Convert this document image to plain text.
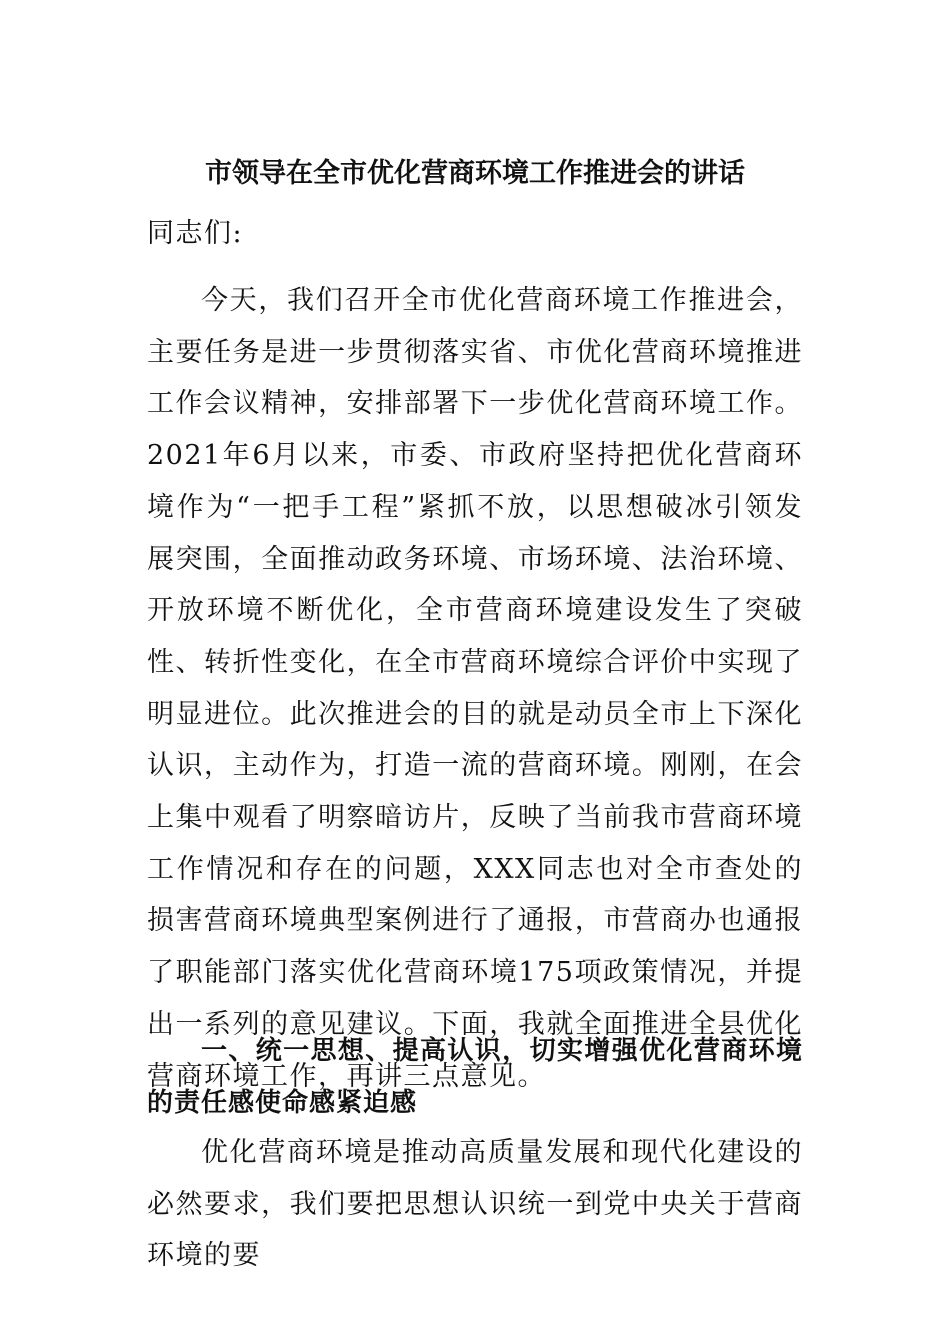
市领导在全市优化营商环境工作推进会的讲话

同志们:

今天，我们召开全市优化营商环境工作推进会，主要任务是进一步贯彻落实省、市优化营商环境推进工作会议精神，安排部署下一步优化营商环境工作。2021年6月以来，市委、市政府坚持把优化营商环境作为“一把手工程”紧抓不放，以思想破冰引领发展突围，全面推动政务环境、市场环境、法治环境、开放环境不断优化，全市营商环境建设发生了突破性、转折性变化，在全市营商环境综合评价中实现了明显进位。此次推进会的目的就是动员全市上下深化认识，主动作为，打造一流的营商环境。刚刚，在会上集中观看了明察暗访片，反映了当前我市营商环境工作情况和存在的问题，XXX同志也对全市查处的损害营商环境典型案例进行了通报，市营商办也通报了职能部门落实优化营商环境175项政策情况，并提出一系列的意见建议。下面，我就全面推进全县优化营商环境工作，再讲三点意见。

一、统一思想、提高认识，切实增强优化营商环境的责任感使命感紧迫感

优化营商环境是推动高质量发展和现代化建设的必然要求，我们要把思想认识统一到党中央关于营商环境的要
